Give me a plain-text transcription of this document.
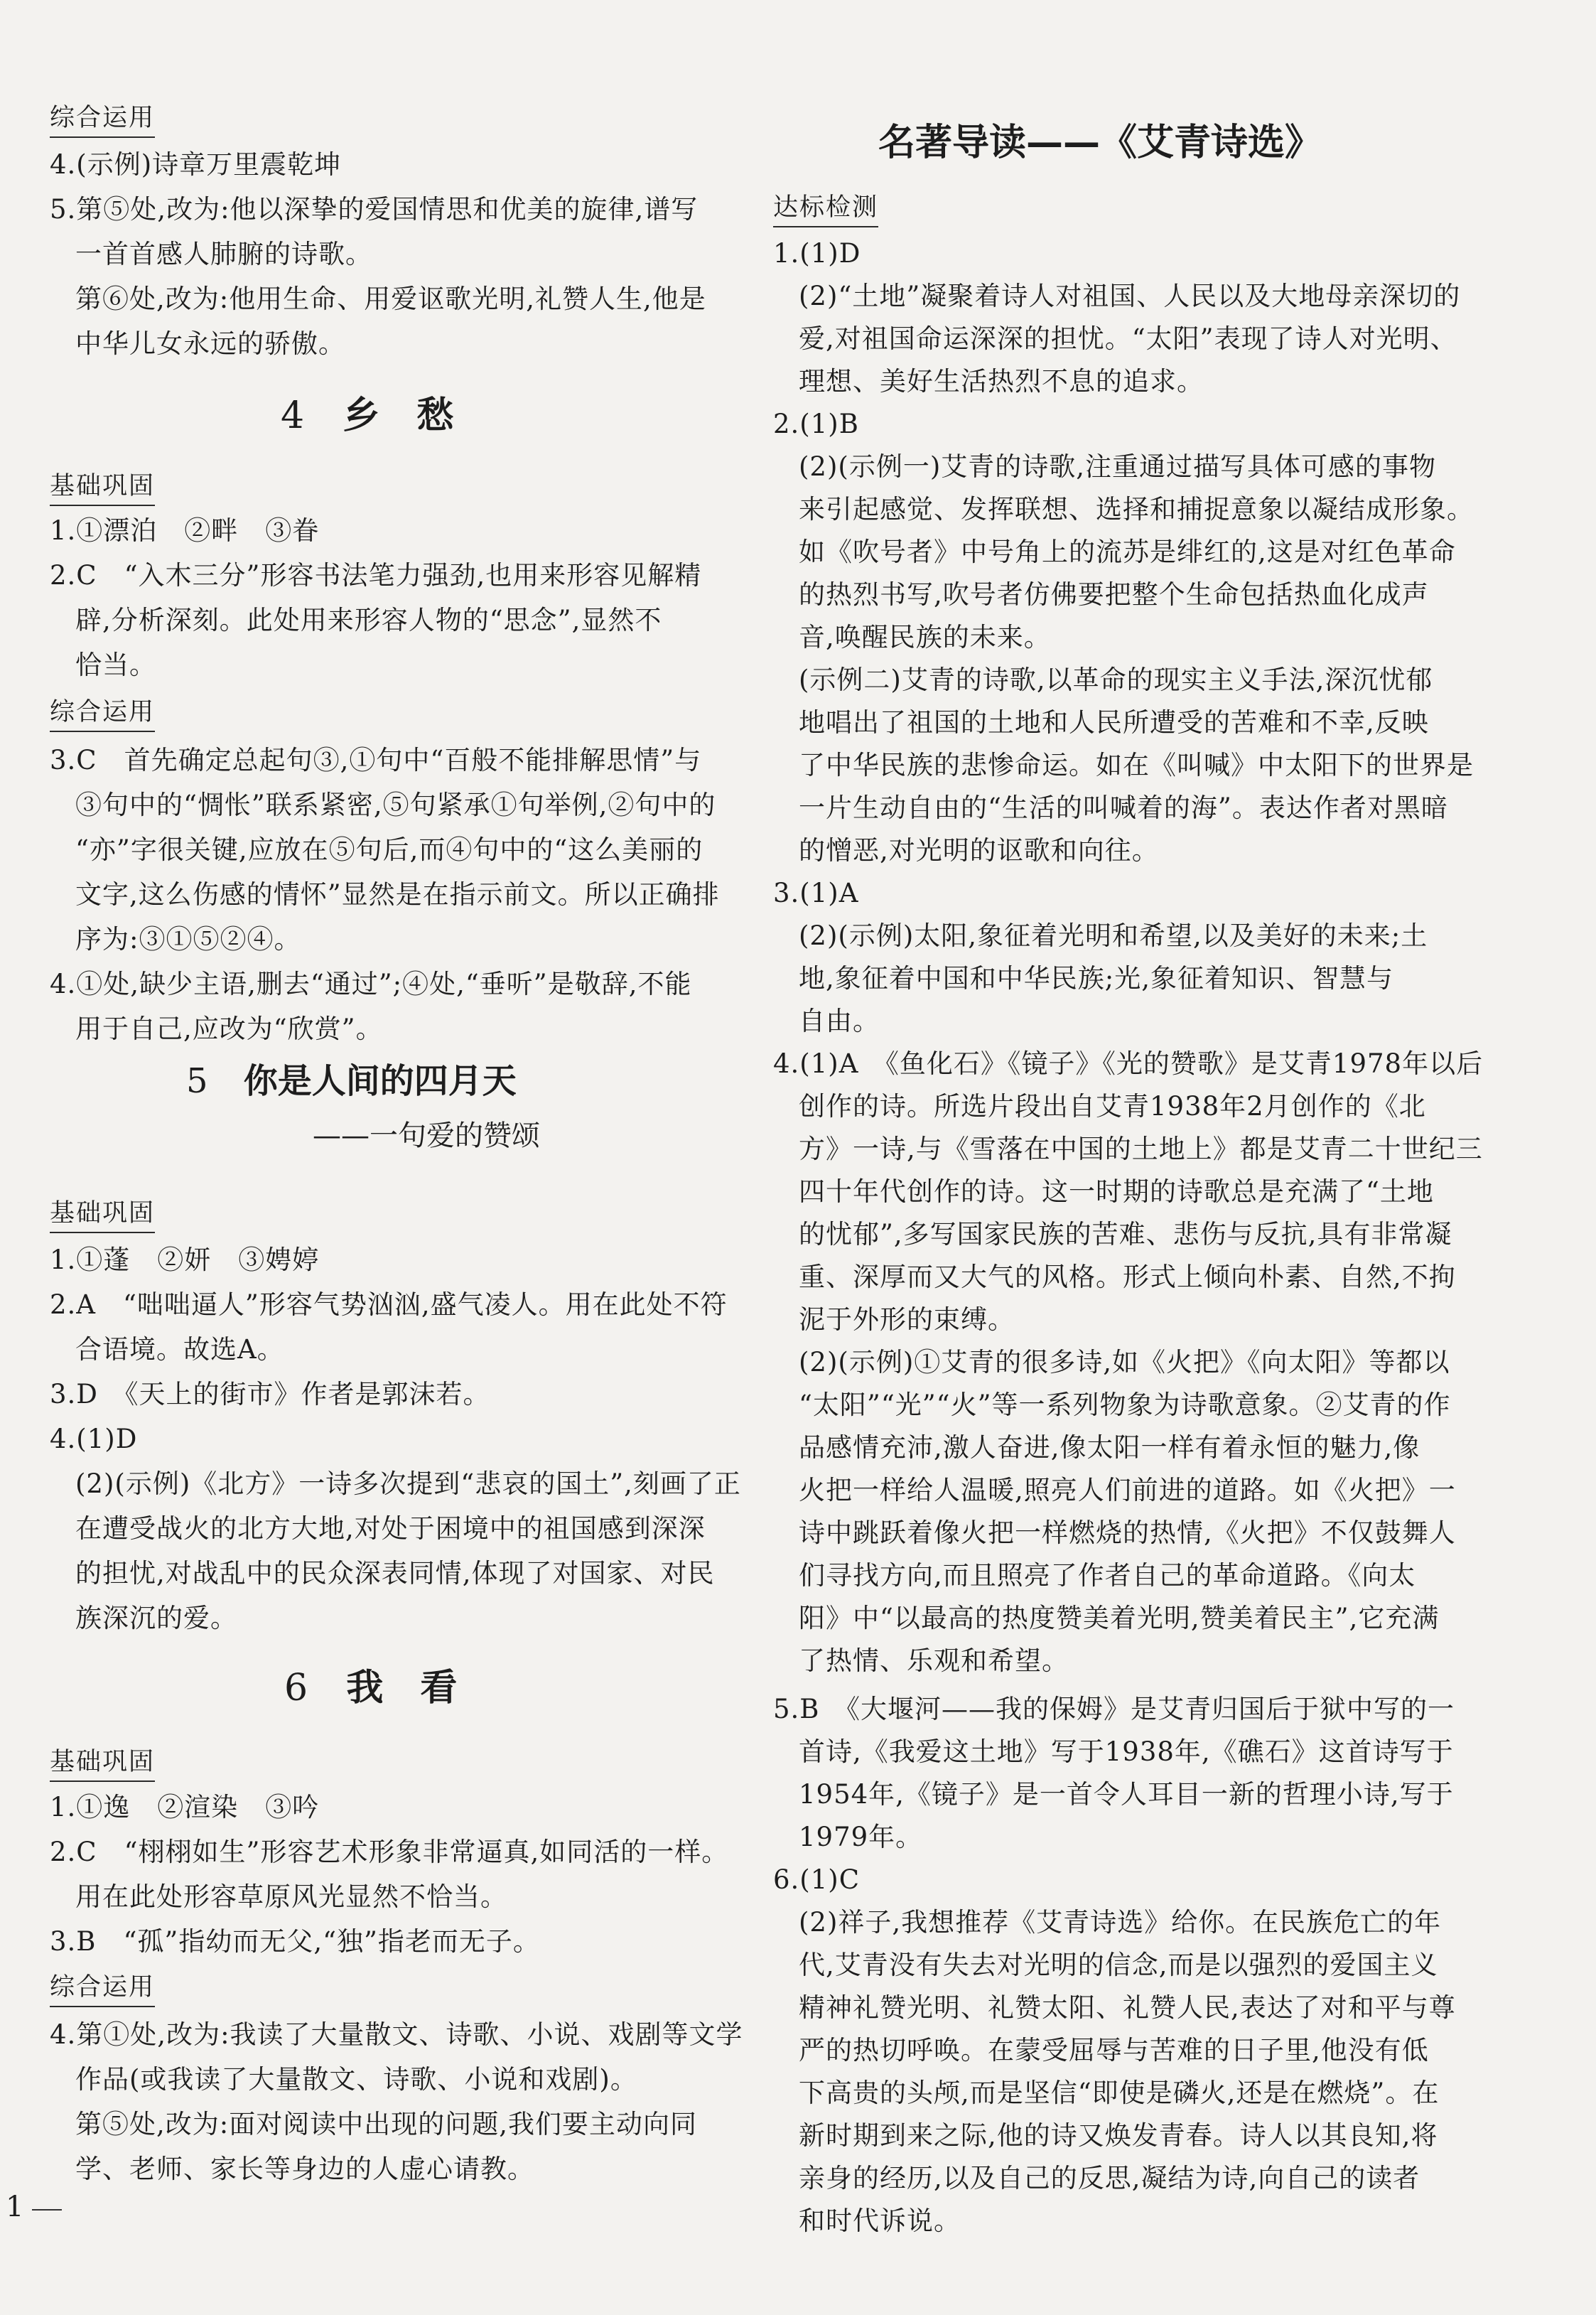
综合运用
4.(示例)诗章万里震乾坤
5.第⑤处,改为:他以深挚的爱国情思和优美的旋律,谱写
一首首感人肺腑的诗歌。
第⑥处,改为:他用生命、用爱讴歌光明,礼赞人生,他是
中华儿女永远的骄傲。
4 乡　愁
基础巩固
1.①漂泊　②畔　③眷
2.C　“入木三分”形容书法笔力强劲,也用来形容见解精
辟,分析深刻。此处用来形容人物的“思念”,显然不
恰当。
综合运用
3.C　首先确定总起句③,①句中“百般不能排解思情”与
③句中的“惆怅”联系紧密,⑤句紧承①句举例,②句中的
“亦”字很关键,应放在⑤句后,而④句中的“这么美丽的
文字,这么伤感的情怀”显然是在指示前文。所以正确排
序为:③①⑤②④。
4.①处,缺少主语,删去“通过”;④处,“垂听”是敬辞,不能
用于自己,应改为“欣赏”。
5 你是人间的四月天
——一句爱的赞颂
基础巩固
1.①蓬　②妍　③娉婷
2.A　“咄咄逼人”形容气势汹汹,盛气凌人。用在此处不符
合语境。故选A。
3.D　《天上的街市》作者是郭沫若。
4.(1)D
(2)(示例)《北方》一诗多次提到“悲哀的国土”,刻画了正
在遭受战火的北方大地,对处于困境中的祖国感到深深
的担忧,对战乱中的民众深表同情,体现了对国家、对民
族深沉的爱。
6 我　看
基础巩固
1.①逸　②渲染　③吟
2.C　“栩栩如生”形容艺术形象非常逼真,如同活的一样。
用在此处形容草原风光显然不恰当。
3.B　“孤”指幼而无父,“独”指老而无子。
综合运用
4.第①处,改为:我读了大量散文、诗歌、小说、戏剧等文学
作品(或我读了大量散文、诗歌、小说和戏剧)。
第⑤处,改为:面对阅读中出现的问题,我们要主动向同
学、老师、家长等身边的人虚心请教。
名著导读——《艾青诗选》
达标检测
1.(1)D
(2)“土地”凝聚着诗人对祖国、人民以及大地母亲深切的
爱,对祖国命运深深的担忧。“太阳”表现了诗人对光明、
理想、美好生活热烈不息的追求。
2.(1)B
(2)(示例一)艾青的诗歌,注重通过描写具体可感的事物
来引起感觉、发挥联想、选择和捕捉意象以凝结成形象。
如《吹号者》中号角上的流苏是绯红的,这是对红色革命
的热烈书写,吹号者仿佛要把整个生命包括热血化成声
音,唤醒民族的未来。
(示例二)艾青的诗歌,以革命的现实主义手法,深沉忧郁
地唱出了祖国的土地和人民所遭受的苦难和不幸,反映
了中华民族的悲惨命运。如在《叫喊》中太阳下的世界是
一片生动自由的“生活的叫喊着的海”。表达作者对黑暗
的憎恶,对光明的讴歌和向往。
3.(1)A
(2)(示例)太阳,象征着光明和希望,以及美好的未来;土
地,象征着中国和中华民族;光,象征着知识、智慧与
自由。
4.(1)A　《鱼化石》《镜子》《光的赞歌》是艾青1978年以后
创作的诗。所选片段出自艾青1938年2月创作的《北
方》一诗,与《雪落在中国的土地上》都是艾青二十世纪三
四十年代创作的诗。这一时期的诗歌总是充满了“土地
的忧郁”,多写国家民族的苦难、悲伤与反抗,具有非常凝
重、深厚而又大气的风格。形式上倾向朴素、自然,不拘
泥于外形的束缚。
(2)(示例)①艾青的很多诗,如《火把》《向太阳》等都以
“太阳”“光”“火”等一系列物象为诗歌意象。②艾青的作
品感情充沛,激人奋进,像太阳一样有着永恒的魅力,像
火把一样给人温暖,照亮人们前进的道路。如《火把》一
诗中跳跃着像火把一样燃烧的热情,《火把》不仅鼓舞人
们寻找方向,而且照亮了作者自己的革命道路。《向太
阳》中“以最高的热度赞美着光明,赞美着民主”,它充满
了热情、乐观和希望。
5.B　《大堰河——我的保姆》是艾青归国后于狱中写的一
首诗,《我爱这土地》写于1938年,《礁石》这首诗写于
1954年,《镜子》是一首令人耳目一新的哲理小诗,写于
1979年。
6.(1)C
(2)祥子,我想推荐《艾青诗选》给你。在民族危亡的年
代,艾青没有失去对光明的信念,而是以强烈的爱国主义
精神礼赞光明、礼赞太阳、礼赞人民,表达了对和平与尊
严的热切呼唤。在蒙受屈辱与苦难的日子里,他没有低
下高贵的头颅,而是坚信“即使是磷火,还是在燃烧”。在
新时期到来之际,他的诗又焕发青春。诗人以其良知,将
亲身的经历,以及自己的反思,凝结为诗,向自己的读者
和时代诉说。
1
